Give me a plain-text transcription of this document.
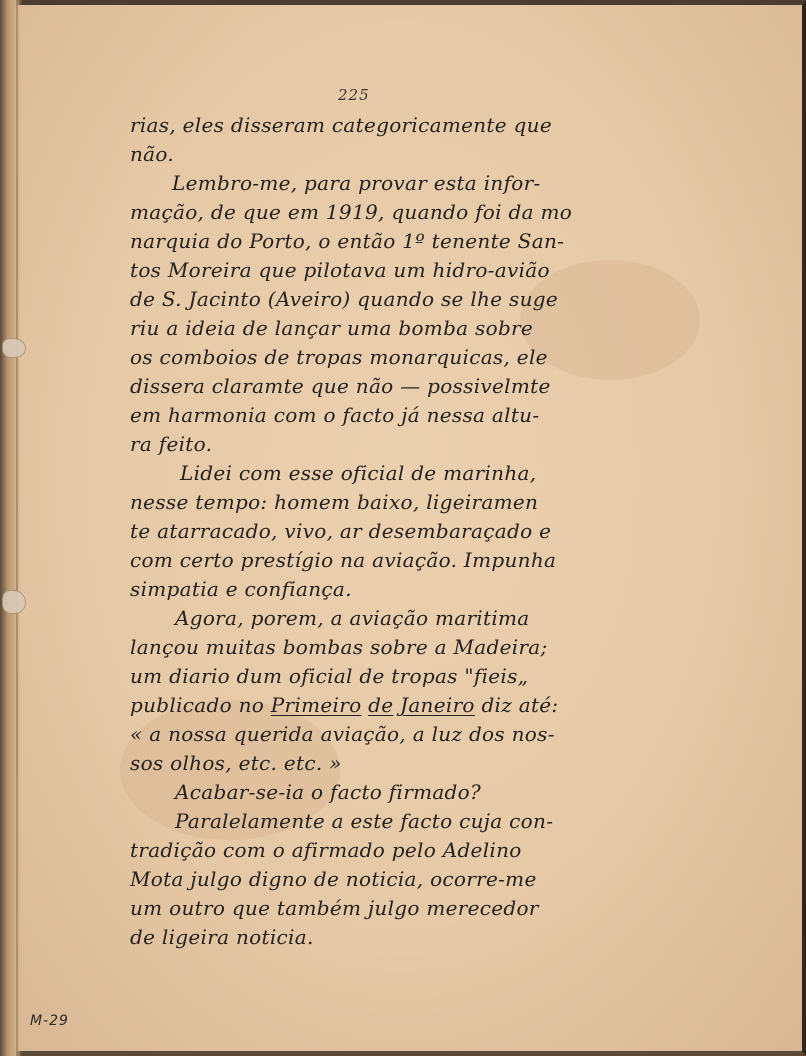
225
rias, eles disseram categoricamente que
não.
Lembro-me, para provar esta infor-
mação, de que em 1919, quando foi da mo
narquia do Porto, o então 1º tenente San-
tos Moreira que pilotava um hidro-avião
de S. Jacinto (Aveiro) quando se lhe suge
riu a ideia de lançar uma bomba sobre
os comboios de tropas monarquicas, ele
dissera claramte que não — possivelmte
em harmonia com o facto já nessa altu-
ra feito.
Lidei com esse oficial de marinha,
nesse tempo: homem baixo, ligeiramen
te atarracado, vivo, ar desembaraçado e
com certo prestígio na aviação. Impunha
simpatia e confiança.
Agora, porem, a aviação maritima
lançou muitas bombas sobre a Madeira;
um diario dum oficial de tropas "fieis„
publicado no Primeiro de Janeiro diz até:
« a nossa querida aviação, a luz dos nos-
sos olhos, etc. etc. »
Acabar-se-ia o facto firmado?
Paralelamente a este facto cuja con-
tradição com o afirmado pelo Adelino
Mota julgo digno de noticia, ocorre-me
um outro que também julgo merecedor
de ligeira noticia.
M-29
